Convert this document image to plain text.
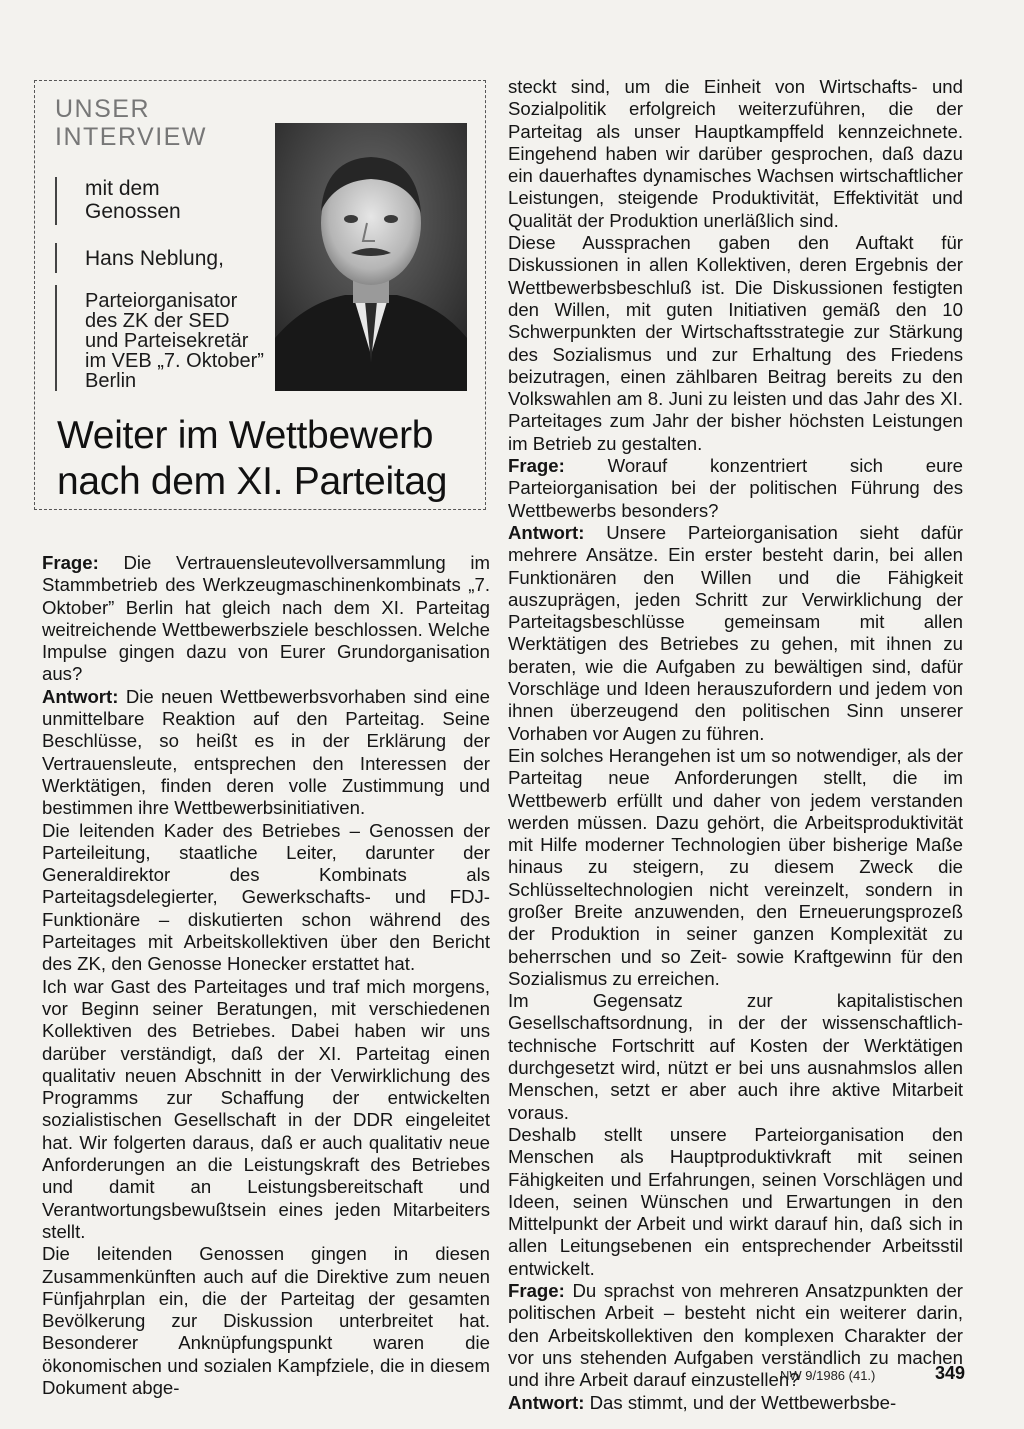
UNSER
INTERVIEW
mit dem
Genossen
Hans Neblung,
Parteiorganisator
des ZK der SED
und Parteisekretär
im VEB „7. Oktober”
Berlin
Weiter im Wettbewerb
nach dem XI. Parteitag

Frage: Die Vertrauensleutevollversammlung im Stammbetrieb des Werkzeugmaschinenkombinats „7. Oktober” Berlin hat gleich nach dem XI. Parteitag weitreichende Wettbewerbsziele beschlossen. Welche Impulse gingen dazu von Eurer Grundorganisation aus?

Antwort: Die neuen Wettbewerbsvorhaben sind eine unmittelbare Reaktion auf den Parteitag. Seine Beschlüsse, so heißt es in der Erklärung der Vertrauensleute, entsprechen den Interessen der Werktätigen, finden deren volle Zustimmung und bestimmen ihre Wettbewerbsinitiativen.

Die leitenden Kader des Betriebes – Genossen der Parteileitung, staatliche Leiter, darunter der Generaldirektor des Kombinats als Parteitagsdelegierter, Gewerkschafts- und FDJ-Funktionäre – diskutierten schon während des Parteitages mit Arbeitskollektiven über den Bericht des ZK, den Genosse Honecker erstattet hat.

Ich war Gast des Parteitages und traf mich morgens, vor Beginn seiner Beratungen, mit verschiedenen Kollektiven des Betriebes. Dabei haben wir uns darüber verständigt, daß der XI. Parteitag einen qualitativ neuen Abschnitt in der Verwirklichung des Programms zur Schaffung der entwickelten sozialistischen Gesellschaft in der DDR eingeleitet hat. Wir folgerten daraus, daß er auch qualitativ neue Anforderungen an die Leistungskraft des Betriebes und damit an Leistungsbereitschaft und Verantwortungsbewußtsein eines jeden Mitarbeiters stellt.

Die leitenden Genossen gingen in diesen Zusammenkünften auch auf die Direktive zum neuen Fünfjahrplan ein, die der Parteitag der gesamten Bevölkerung zur Diskussion unterbreitet hat. Besonderer Anknüpfungspunkt waren die ökonomischen und sozialen Kampfziele, die in diesem Dokument abge-

steckt sind, um die Einheit von Wirtschafts- und Sozialpolitik erfolgreich weiterzuführen, die der Parteitag als unser Hauptkampffeld kennzeichnete. Eingehend haben wir darüber gesprochen, daß dazu ein dauerhaftes dynamisches Wachsen wirtschaftlicher Leistungen, steigende Produktivität, Effektivität und Qualität der Produktion unerläßlich sind.

Diese Aussprachen gaben den Auftakt für Diskussionen in allen Kollektiven, deren Ergebnis der Wettbewerbsbeschluß ist. Die Diskussionen festigten den Willen, mit guten Initiativen gemäß den 10 Schwerpunkten der Wirtschaftsstrategie zur Stärkung des Sozialismus und zur Erhaltung des Friedens beizutragen, einen zählbaren Beitrag bereits zu den Volkswahlen am 8. Juni zu leisten und das Jahr des XI. Parteitages zum Jahr der bisher höchsten Leistungen im Betrieb zu gestalten.

Frage: Worauf konzentriert sich eure Parteiorganisation bei der politischen Führung des Wettbewerbs besonders?

Antwort: Unsere Parteiorganisation sieht dafür mehrere Ansätze. Ein erster besteht darin, bei allen Funktionären den Willen und die Fähigkeit auszuprägen, jeden Schritt zur Verwirklichung der Parteitagsbeschlüsse gemeinsam mit allen Werktätigen des Betriebes zu gehen, mit ihnen zu beraten, wie die Aufgaben zu bewältigen sind, dafür Vorschläge und Ideen herauszufordern und jedem von ihnen überzeugend den politischen Sinn unserer Vorhaben vor Augen zu führen.

Ein solches Herangehen ist um so notwendiger, als der Parteitag neue Anforderungen stellt, die im Wettbewerb erfüllt und daher von jedem verstanden werden müssen. Dazu gehört, die Arbeitsproduktivität mit Hilfe moderner Technologien über bisherige Maße hinaus zu steigern, zu diesem Zweck die Schlüsseltechnologien nicht vereinzelt, sondern in großer Breite anzuwenden, den Erneuerungsprozeß der Produktion in seiner ganzen Komplexität zu beherrschen und so Zeit- sowie Kraftgewinn für den Sozialismus zu erreichen.

Im Gegensatz zur kapitalistischen Gesellschaftsordnung, in der der wissenschaftlich-technische Fortschritt auf Kosten der Werktätigen durchgesetzt wird, nützt er bei uns ausnahmslos allen Menschen, setzt er aber auch ihre aktive Mitarbeit voraus.

Deshalb stellt unsere Parteiorganisation den Menschen als Hauptproduktivkraft mit seinen Fähigkeiten und Erfahrungen, seinen Vorschlägen und Ideen, seinen Wünschen und Erwartungen in den Mittelpunkt der Arbeit und wirkt darauf hin, daß sich in allen Leitungsebenen ein entsprechender Arbeitsstil entwickelt.

Frage: Du sprachst von mehreren Ansatzpunkten der politischen Arbeit – besteht nicht ein weiterer darin, den Arbeitskollektiven den komplexen Charakter der vor uns stehenden Aufgaben verständlich zu machen und ihre Arbeit darauf einzustellen?

Antwort: Das stimmt, und der Wettbewerbsbe-

NW 9/1986 (41.)	349
